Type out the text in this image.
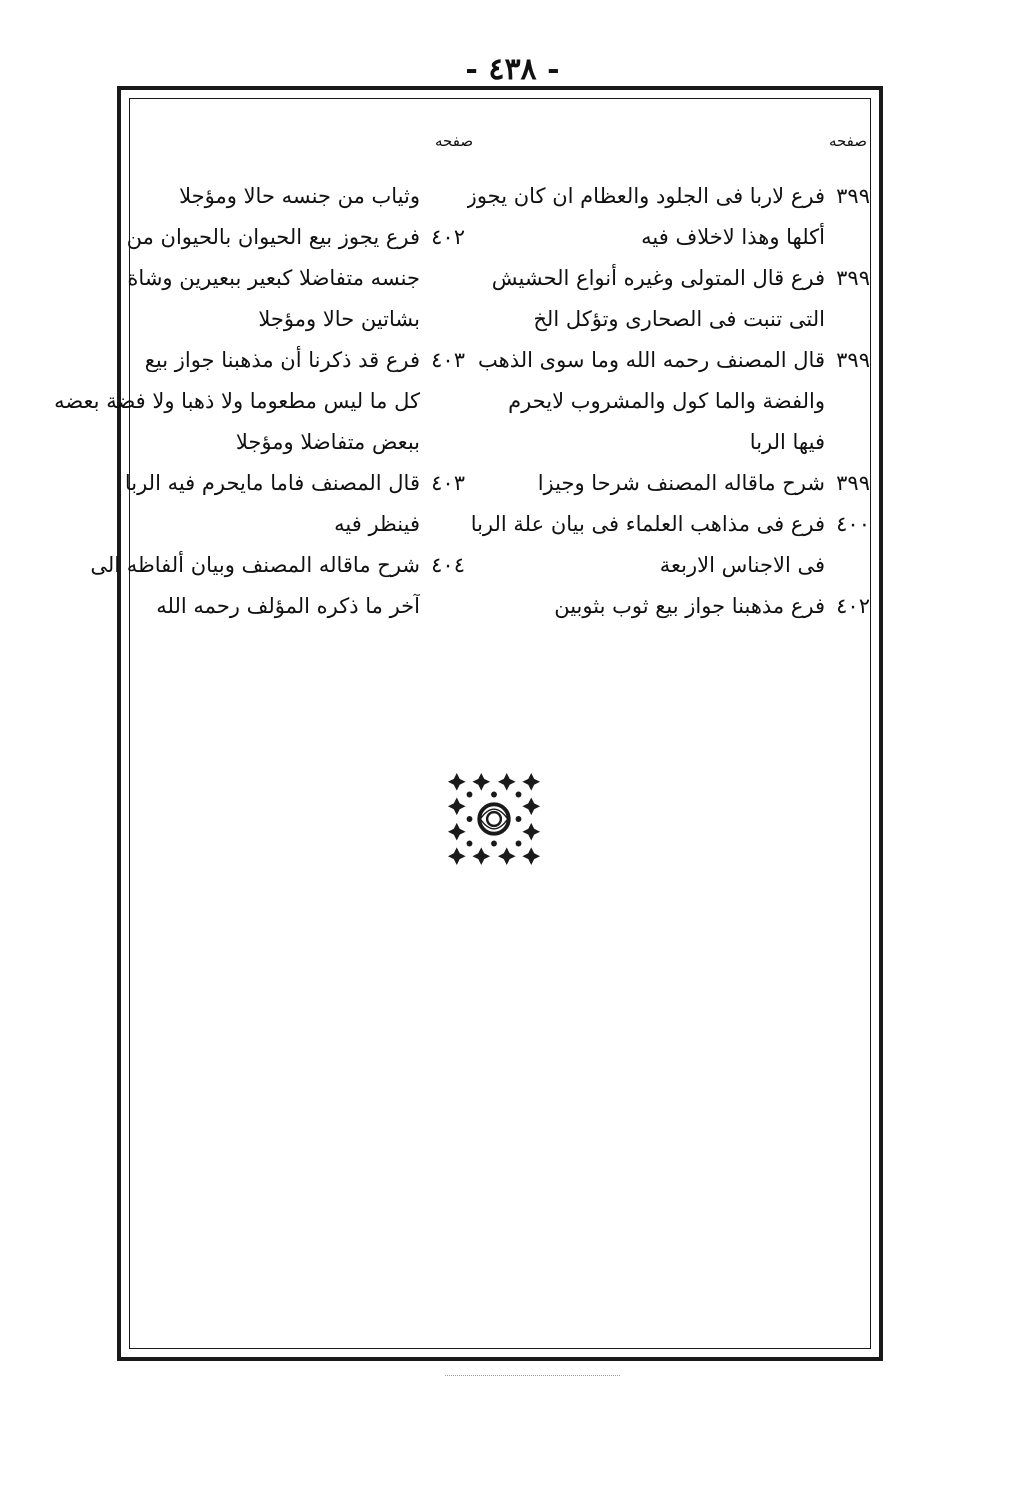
- ٤٣٨ -
صفحه
صفحه
٣٩٩
فرع لاربا فى الجلود والعظام ان كان يجوز
أكلها وهذا لاخلاف فيه
٣٩٩
فرع قال المتولى وغيره أنواع الحشيش
التى تنبت فى الصحارى وتؤكل الخ
٣٩٩
قال المصنف رحمه الله وما سوى الذهب
والفضة والما كول والمشروب لايحرم
فيها الربا
٣٩٩
شرح ماقاله المصنف شرحا وجيزا
٤٠٠
فرع فى مذاهب العلماء فى بيان علة الربا
فى الاجناس الاربعة
٤٠٢
فرع مذهبنا جواز بيع ثوب بثوبين
وثياب من جنسه حالا ومؤجلا
٤٠٢
فرع يجوز بيع الحيوان بالحيوان من
جنسه متفاضلا كبعير ببعيرين وشاة
بشاتين حالا ومؤجلا
٤٠٣
فرع قد ذكرنا أن مذهبنا جواز بيع
كل ما ليس مطعوما ولا ذهبا ولا فضة بعضه
ببعض متفاضلا ومؤجلا
٤٠٣
قال المصنف فاما مايحرم فيه الربا
فينظر فيه
٤٠٤
شرح ماقاله المصنف وبيان ألفاظه الى
آخر ما ذكره المؤلف رحمه الله
